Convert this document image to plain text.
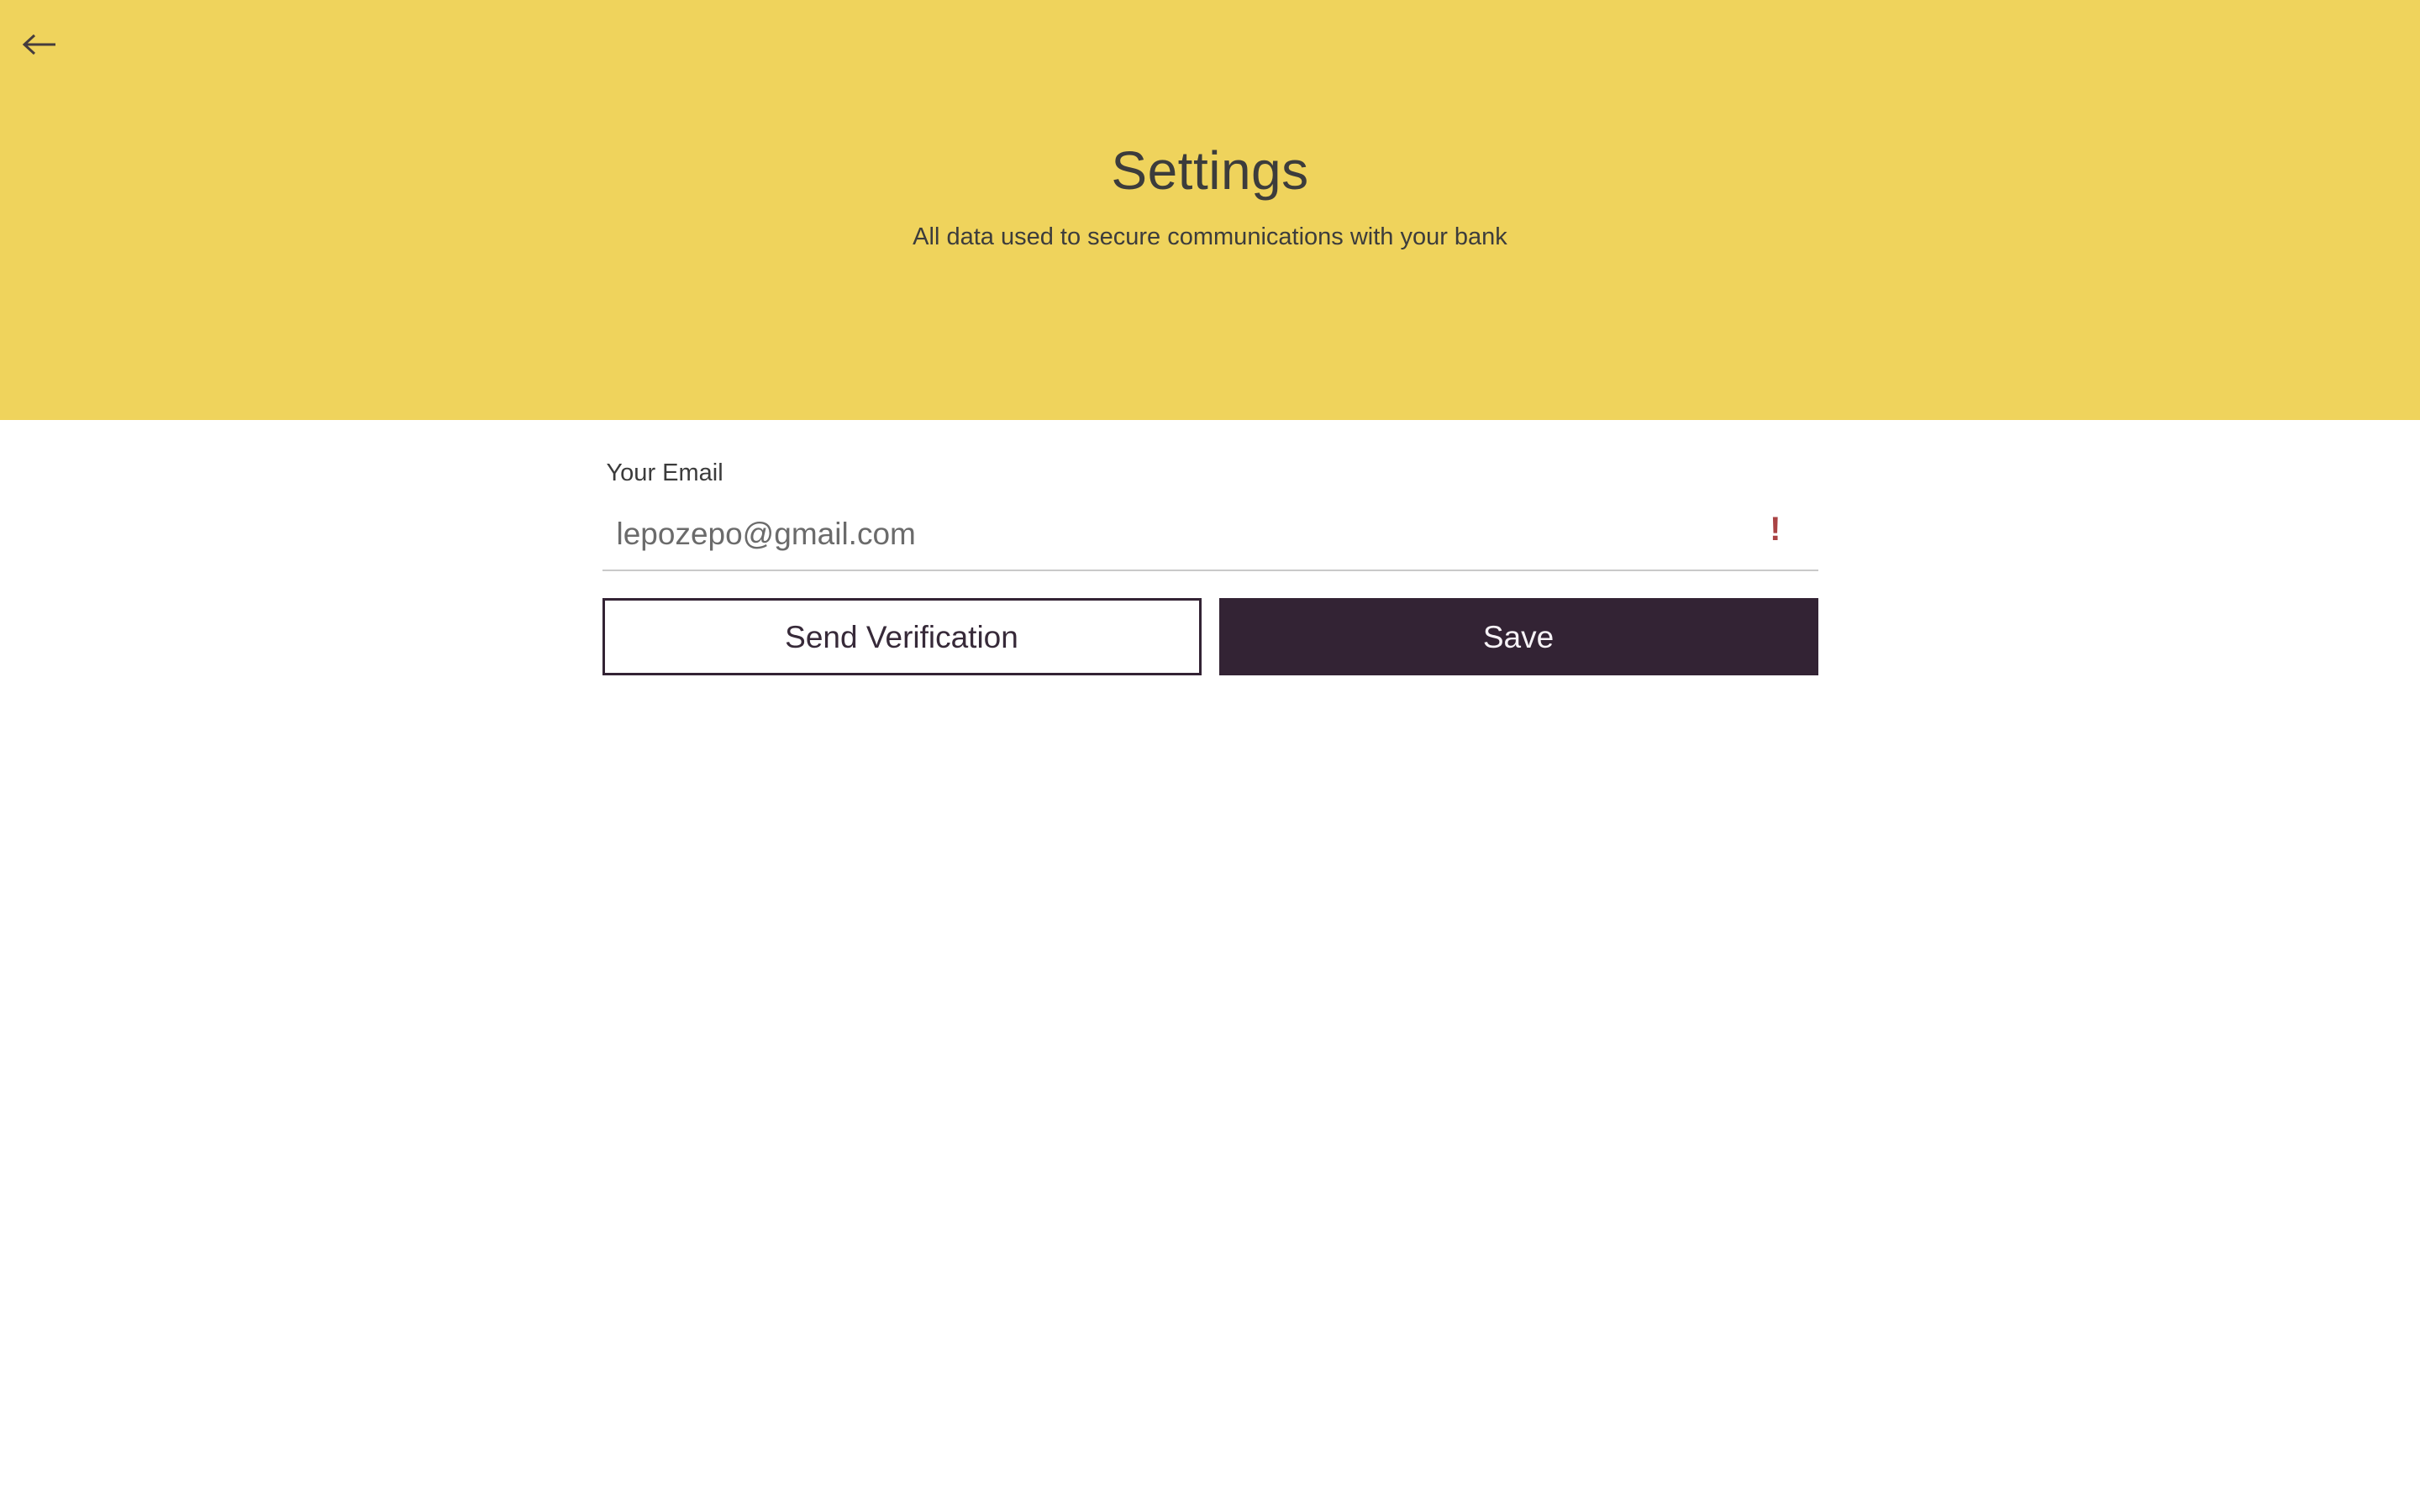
Settings

All data used to secure communications with your bank

Your Email
lepozepo@gmail.com
!
Send Verification	Save
